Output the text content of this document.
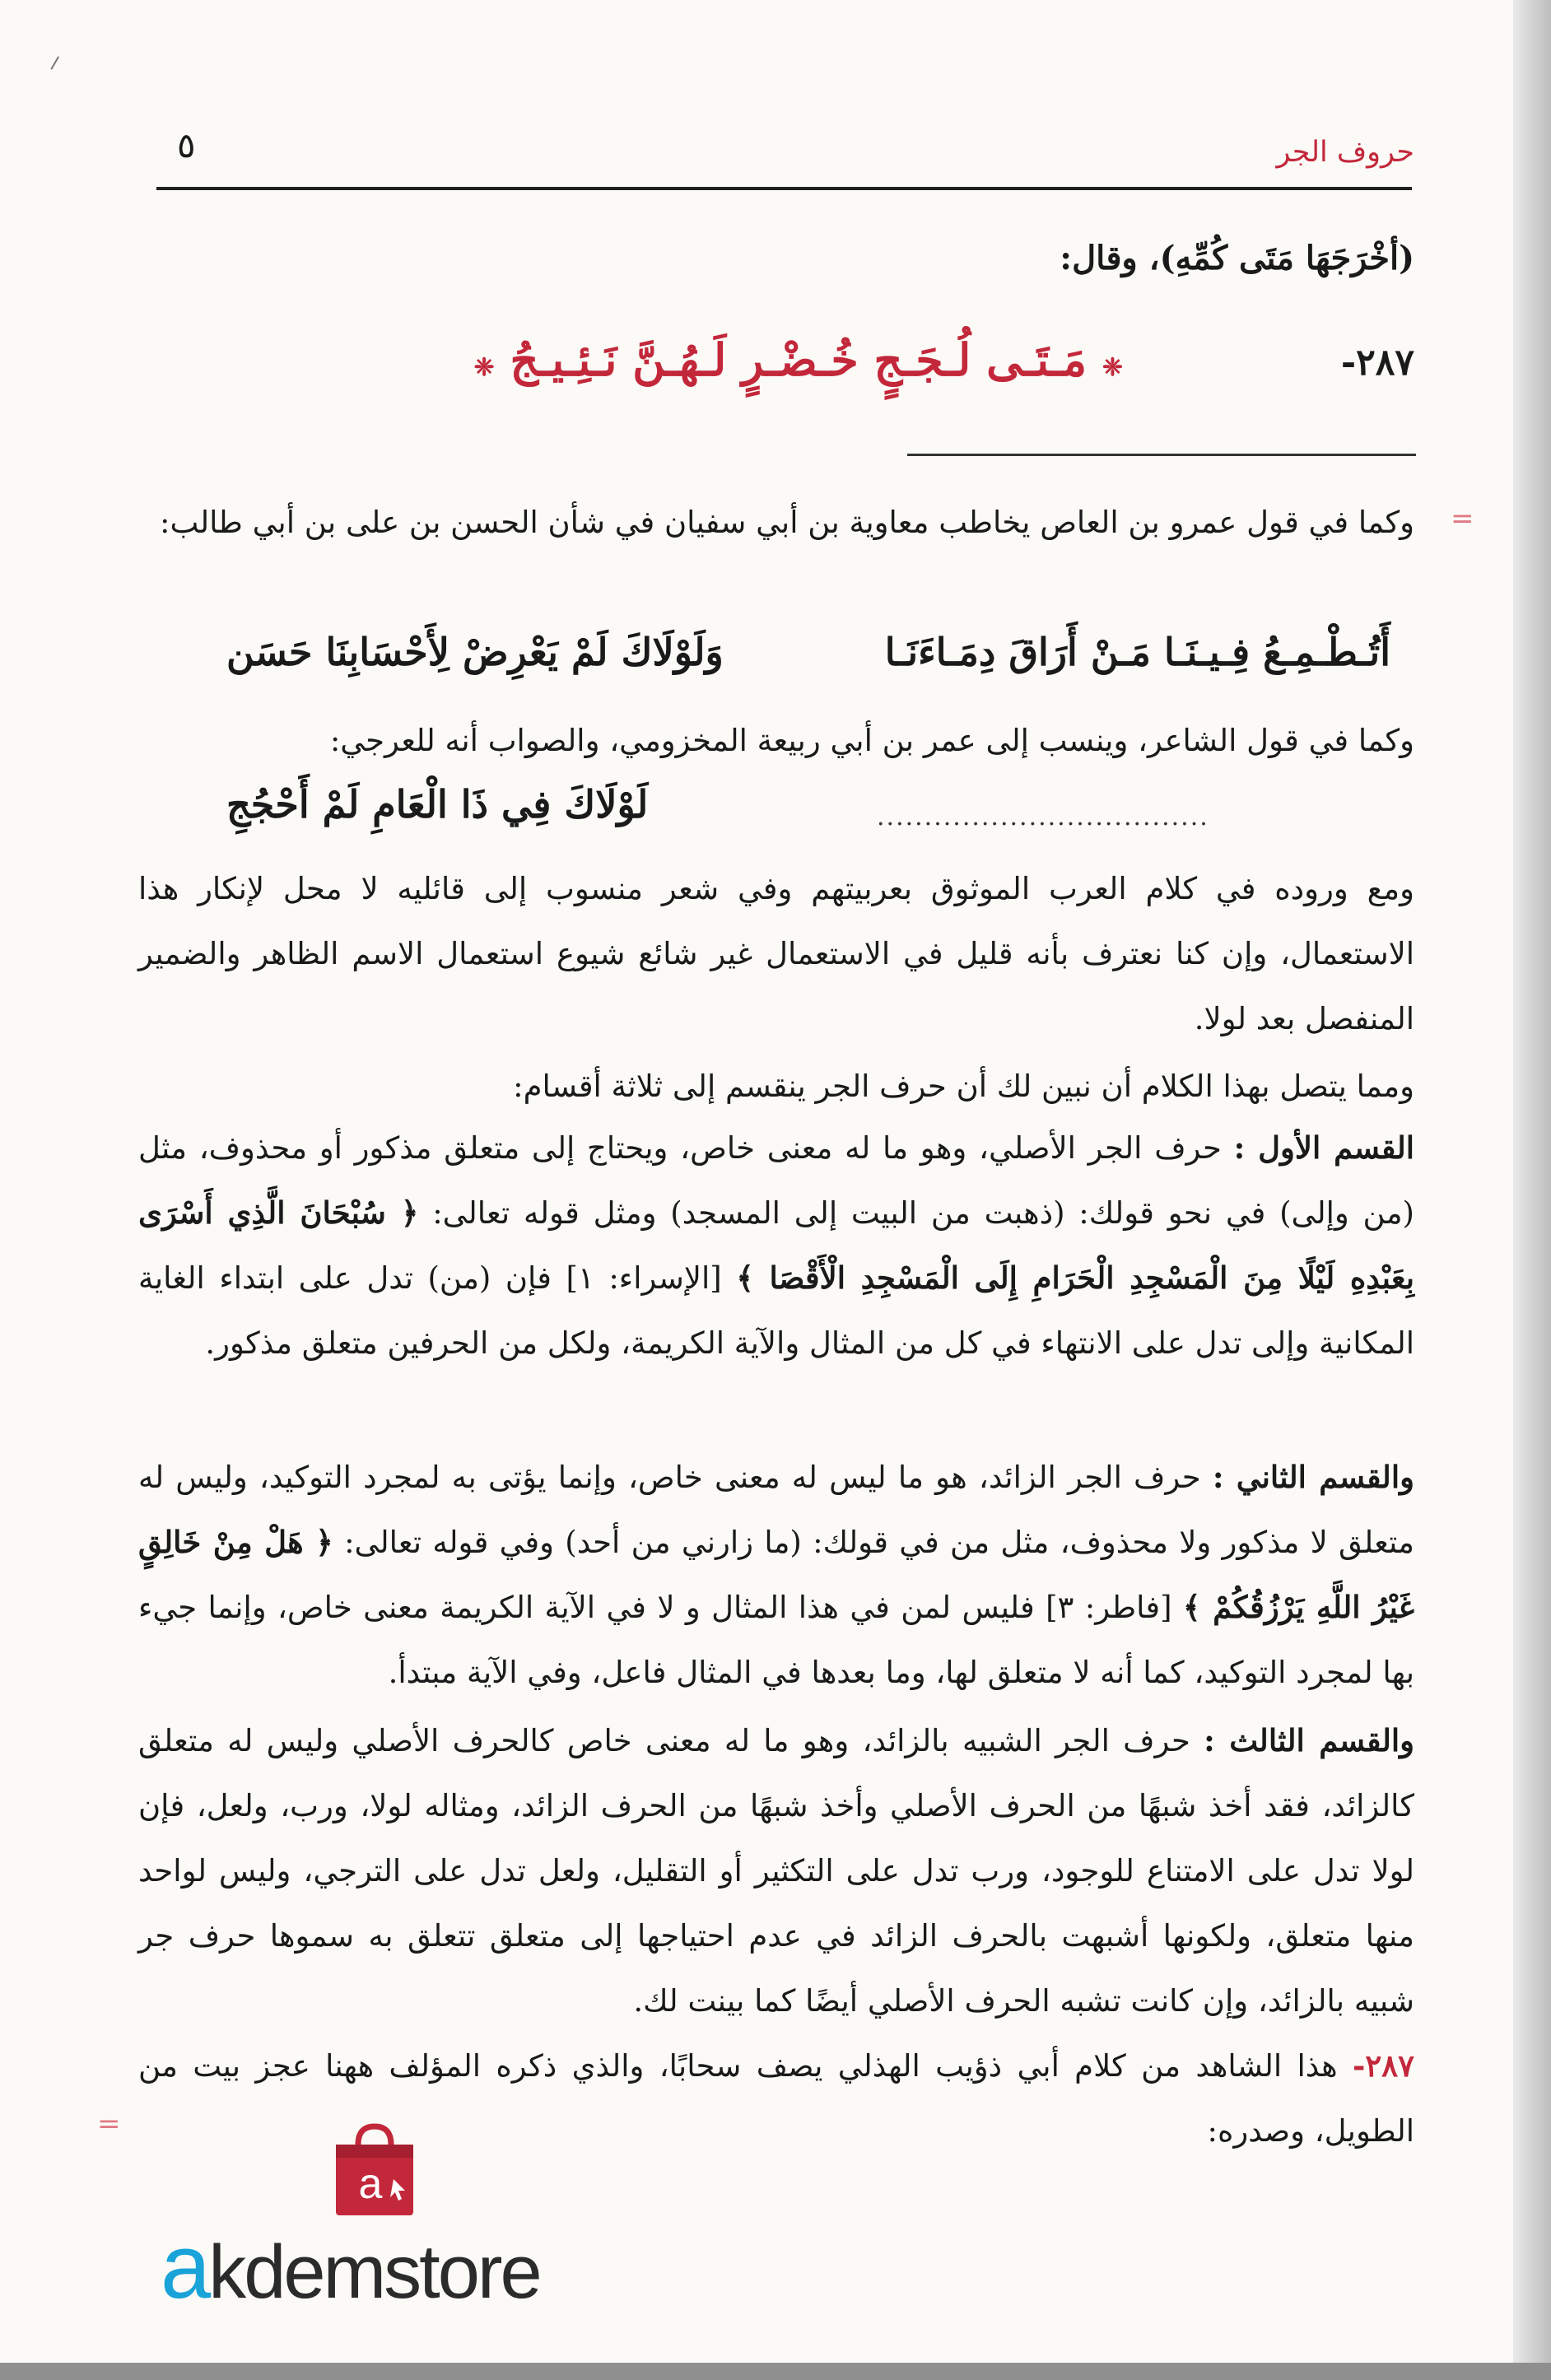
حروف الجر
٥
(أخْرَجَهَا مَتَى كُمِّهِ)، وقال:
٢٨٧-
❈ مَـتَـى لُـجَـجٍ خُـضْـرٍ لَـهُـنَّ نَـئِـيـجُ ❈
=
=
وكما في قول عمرو بن العاص يخاطب معاوية بن أبي سفيان في شأن الحسن بن على بن أبي طالب:
أَتُـطْـمِـعُ فِـيـنَـا مَـنْ أَرَاقَ دِمَـاءَنَـا
وَلَوْلَاكَ لَمْ يَعْرِضْ لِأَحْسَابِنَا حَسَن
وكما في قول الشاعر، وينسب إلى عمر بن أبي ربيعة المخزومي، والصواب أنه للعرجي:
لَوْلَاكَ فِي ذَا الْعَامِ لَمْ أَحْجُجِ	...................................
ومع وروده في كلام العرب الموثوق بعربيتهم وفي شعر منسوب إلى قائليه لا محل لإنكار هذا الاستعمال، وإن كنا نعترف بأنه قليل في الاستعمال غير شائع شيوع استعمال الاسم الظاهر والضمير المنفصل بعد لولا.
ومما يتصل بهذا الكلام أن نبين لك أن حرف الجر ينقسم إلى ثلاثة أقسام:
القسم الأول : حرف الجر الأصلي، وهو ما له معنى خاص، ويحتاج إلى متعلق مذكور أو محذوف، مثل (من وإلى) في نحو قولك: (ذهبت من البيت إلى المسجد) ومثل قوله تعالى: ﴿ سُبْحَانَ الَّذِي أَسْرَى بِعَبْدِهِ لَيْلًا مِنَ الْمَسْجِدِ الْحَرَامِ إِلَى الْمَسْجِدِ الْأَقْصَا ﴾ [الإسراء: ١] فإن (من) تدل على ابتداء الغاية المكانية وإلى تدل على الانتهاء في كل من المثال والآية الكريمة، ولكل من الحرفين متعلق مذكور.
والقسم الثاني : حرف الجر الزائد، هو ما ليس له معنى خاص، وإنما يؤتى به لمجرد التوكيد، وليس له متعلق لا مذكور ولا محذوف، مثل من في قولك: (ما زارني من أحد) وفي قوله تعالى: ﴿ هَلْ مِنْ خَالِقٍ غَيْرُ اللَّهِ يَرْزُقُكُمْ ﴾ [فاطر: ٣] فليس لمن في هذا المثال و لا في الآية الكريمة معنى خاص، وإنما جيء بها لمجرد التوكيد، كما أنه لا متعلق لها، وما بعدها في المثال فاعل، وفي الآية مبتدأ.
والقسم الثالث : حرف الجر الشبيه بالزائد، وهو ما له معنى خاص كالحرف الأصلي وليس له متعلق كالزائد، فقد أخذ شبهًا من الحرف الأصلي وأخذ شبهًا من الحرف الزائد، ومثاله لولا، ورب، ولعل، فإن لولا تدل على الامتناع للوجود، ورب تدل على التكثير أو التقليل، ولعل تدل على الترجي، وليس لواحد منها متعلق، ولكونها أشبهت بالحرف الزائد في عدم احتياجها إلى متعلق تتعلق به سموها حرف جر شبيه بالزائد، وإن كانت تشبه الحرف الأصلي أيضًا كما بينت لك.
٢٨٧- هذا الشاهد من كلام أبي ذؤيب الهذلي يصف سحابًا، والذي ذكره المؤلف ههنا عجز بيت من الطويل، وصدره:
a
akdemstore
